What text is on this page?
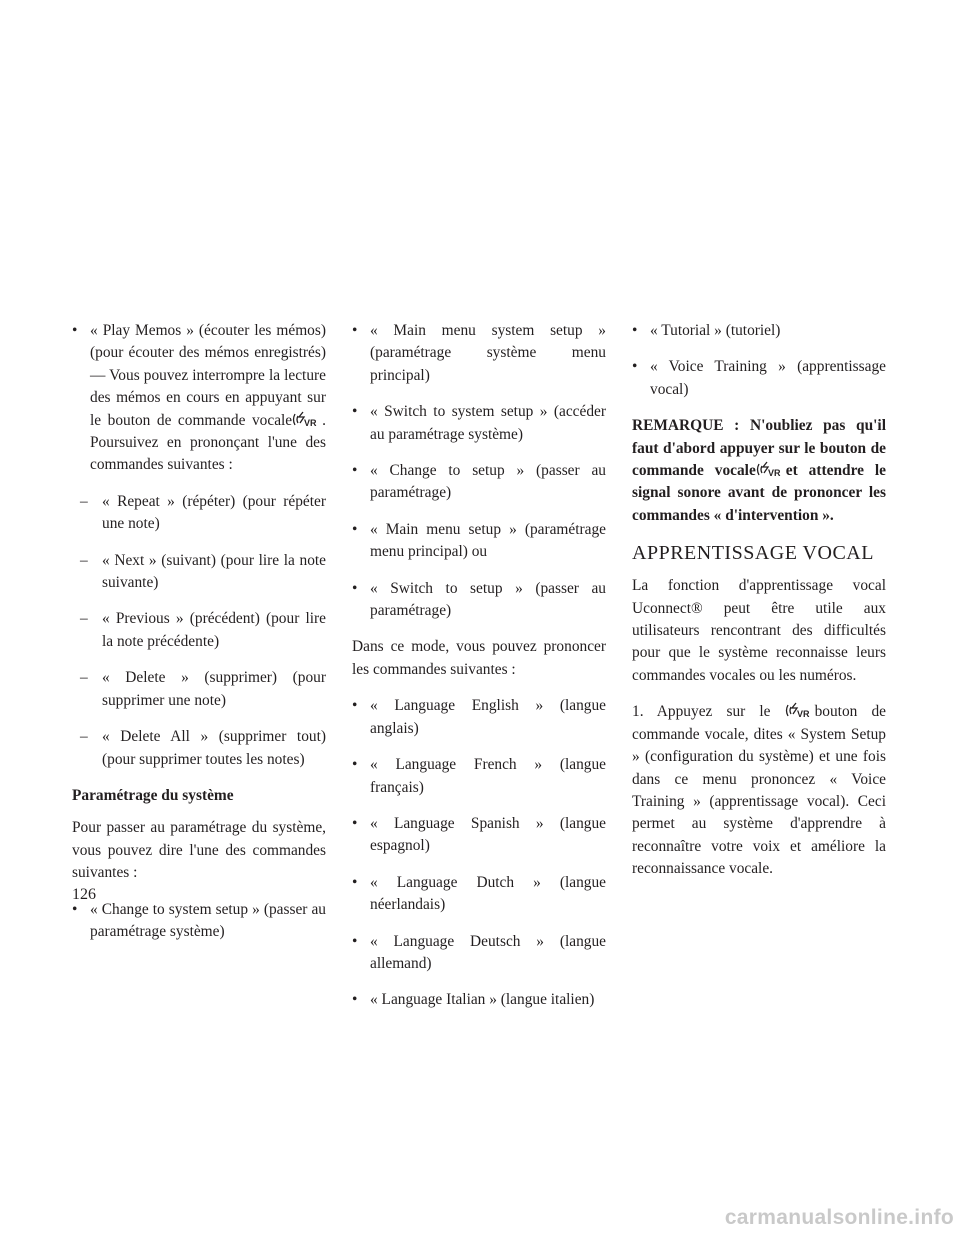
• « Play Memos » (écouter les mémos) (pour écouter des mémos enregistrés) — Vous pouvez interrompre la lecture des mémos en cours en appuyant sur le bouton de commande vocale VR . Poursuivez en prononçant l'une des commandes suivantes :

– « Repeat » (répéter) (pour répéter une note)

– « Next » (suivant) (pour lire la note suivante)

– « Previous » (précédent) (pour lire la note précédente)

– « Delete » (supprimer) (pour supprimer une note)

– « Delete All » (supprimer tout) (pour supprimer toutes les notes)

Paramétrage du système

Pour passer au paramétrage du système, vous pouvez dire l'une des commandes suivantes :

• « Change to system setup » (passer au paramétrage système)

• « Main menu system setup » (paramétrage système menu principal)

• « Switch to system setup » (accéder au paramétrage système)

• « Change to setup » (passer au paramétrage)

• « Main menu setup » (paramétrage menu principal) ou

• « Switch to setup » (passer au paramétrage)

Dans ce mode, vous pouvez prononcer les commandes suivantes :

• « Language English » (langue anglais)

• « Language French » (langue français)

• « Language Spanish » (langue espagnol)

• « Language Dutch » (langue néerlandais)

• « Language Deutsch » (langue allemand)

• « Language Italian » (langue italien)

• « Tutorial » (tutoriel)

• « Voice Training » (apprentissage vocal)

REMARQUE : N'oubliez pas qu'il faut d'abord appuyer sur le bouton de commande vocale VR et attendre le signal sonore avant de prononcer les commandes « d'intervention ».

APPRENTISSAGE VOCAL

La fonction d'apprentissage vocal Uconnect® peut être utile aux utilisateurs rencontrant des difficultés pour que le système reconnaisse leurs commandes vocales ou les numéros.

1. Appuyez sur le	VR bouton de commande vocale, dites « System Setup » (configuration du système) et une fois dans ce menu prononcez « Voice Training » (apprentissage vocal). Ceci permet au système d'apprendre à reconnaître votre voix et améliore la reconnaissance vocale.

126
carmanualsonline.info
